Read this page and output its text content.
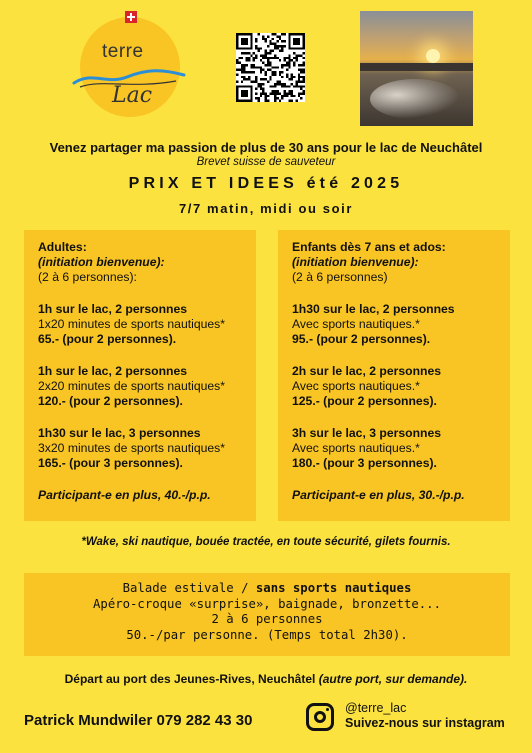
terre
Lac
Venez partager ma passion de plus de 30 ans pour le lac de Neuchâtel
Brevet suisse de sauveteur
PRIX ET IDEES été 2025
7/7 matin, midi ou soir
Adultes:
(initiation bienvenue):
(2 à 6 personnes):
1h sur le lac, 2 personnes
1x20 minutes de sports nautiques*
65.- (pour 2 personnes).
1h sur le lac, 2 personnes
2x20 minutes de sports nautiques*
120.- (pour 2 personnes).
1h30 sur le lac, 3 personnes
3x20 minutes de sports nautiques*
165.- (pour 3 personnes).
Participant-e en plus, 40.-/p.p.
Enfants dès 7 ans et ados:
(initiation bienvenue):
(2 à 6 personnes)
1h30 sur le lac, 2 personnes
Avec sports nautiques.*
95.- (pour 2 personnes).
2h sur le lac, 2 personnes
Avec sports nautiques.*
125.- (pour 2 personnes).
3h sur le lac, 3 personnes
Avec sports nautiques.*
180.- (pour 3 personnes).
Participant-e en plus, 30.-/p.p.
*Wake, ski nautique, bouée tractée, en toute sécurité, gilets fournis.
Balade estivale / sans sports nautiques
Apéro-croque «surprise», baignade, bronzette...
2 à 6 personnes
50.-/par personne. (Temps total 2h30).
Départ au port des Jeunes-Rives, Neuchâtel (autre port, sur demande).
Patrick Mundwiler 079 282 43 30
@terre_lac
Suivez-nous sur instagram
